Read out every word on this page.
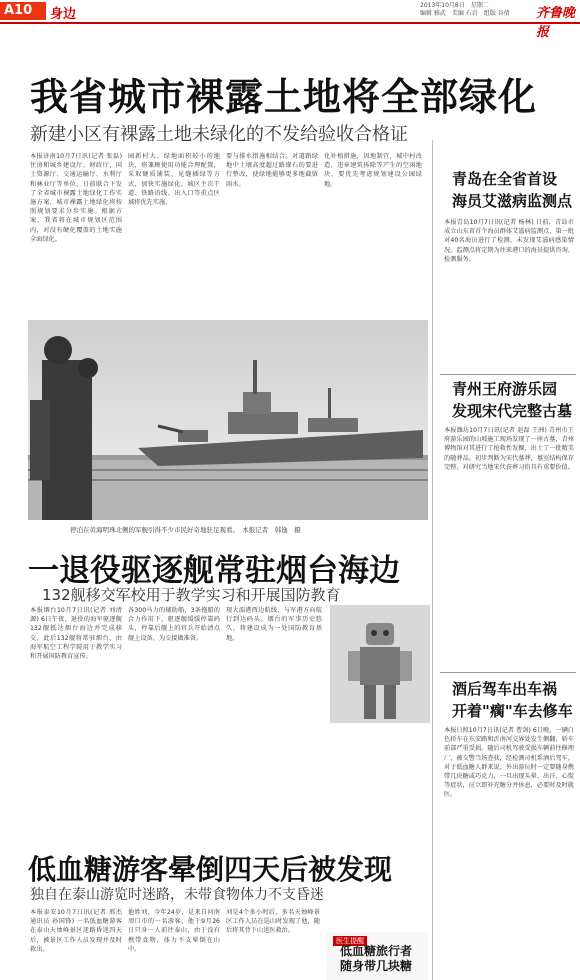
A10 身边
2013年10月8日　星期二
编辑 雅武　美编 石岩　组版 谷倩	齐鲁晚报
我省城市裸露土地将全部绿化
新建小区有裸露土地未绿化的不发给验收合格证
本报济南10月7日讯(记者 张磊) 住房和城乡建设厅、财政厅、国土资源厅、交通运输厅、水利厅和林业厅等单位，日前联合下发了全省城市裸露土地绿化工作实施方案，城市裸露土地绿化将按照规划要求分步实施。根据方案，我省将在城市规划区范围内，对没有硬化覆盖的土地实施全面绿化。
园新村大、绿地面积较小的地块，将兼顾使用功能合理配置，采取硬质铺装、见缝插绿等方式，加快实施绿化。城区主次干道、铁路沿线、出入口等重点区域将优先实施。
要与排水措施相结合。对道路绿地中土壤高度超过路缘石的要进行整改，使绿地能够更多地截留雨水。
化补植措施，因地制宜，城中村改造、违章建筑拆除等产生的空闲地块，要优先考虑规划建设公园绿地。	青岛在全省首设
海员艾滋病监测点
本报青岛10月7日讯(记者 杨林) 日前，青岛市成立山东省首个海员群体艾滋病监测点，第一批对40名海员进行了检测，未发现艾滋病感染情况。监测点将定期为往来港口的海员提供咨询、检测服务。
停泊在黄海明珠北侧的军舰引得不少市民好奇地驻足观看。　本报记者　韩逸　摄
青州王府游乐园
发现宋代完整古墓
本报潍坊10月7日讯(记者 赵磊 王洲) 青州市王府游乐园的山坡施工现场发现了一座古墓，青州博物馆对其进行了抢救性发掘，出土了一批精美的随葬品。初步判断为宋代墓葬，墓室结构保存完整，对研究当地宋代丧葬习俗具有重要价值。
一退役驱逐舰常驻烟台海边
132舰移交军校用于教学实习和开展国防教育
本报烟台10月7日讯(记者 刘清源) 6日午夜，退役的海军驱逐舰132舰抵达烟台海边并完成移交，此后132舰将常驻烟台，由海军航空工程学院用于教学实习和开展国防教育宣传。
各300马力的辅助船，3条拖船的合力作用下，驱逐舰缓缓停靠码头，停靠后舰上的官兵开始清点舰上设备，为交接做准备。
现大湄港西边航线，与军港方向航行到达码头。烟台的军事历史悠久，将建设成为一处国防教育基地。
酒后驾车出车祸
开着"瘸"车去修车
本报日照10月7日讯(记者 曹剑) 6日晚，一辆白色轿车在东安路和沂南河交界处发生侧翻，轿车前部严重受损。随后司机驾驶受损车辆前往修理厂，被交警当场查获，经检测司机系酒后驾车。 对于低血糖人群来说，外出游玩时一定要随身携带几块糖或巧克力，一旦出现头晕、出汗、心慌等症状，应立即补充糖分并休息，必要时及时就医。
低血糖游客晕倒四天后被发现
独自在泰山游览时迷路，未带食物体力不支昏迷
本报泰安10月7日讯(记者 邢杰 通讯员 孙国锋) 一名低血糖游客在泰山天烛峰景区迷路昏迷四天后，被景区工作人员发现并及时救出。
他姓刘，今年24岁，是来自河南周口市的一名游客。他于9月26日只身一人前往泰山，由于没有携带食物，体力不支晕倒在山中。
刘是4个多小时后，多名天烛峰景区工作人员在巡山时发现了他，随后将其背下山送医救治。
医生提醒
低血糖旅行者
随身带几块糖
